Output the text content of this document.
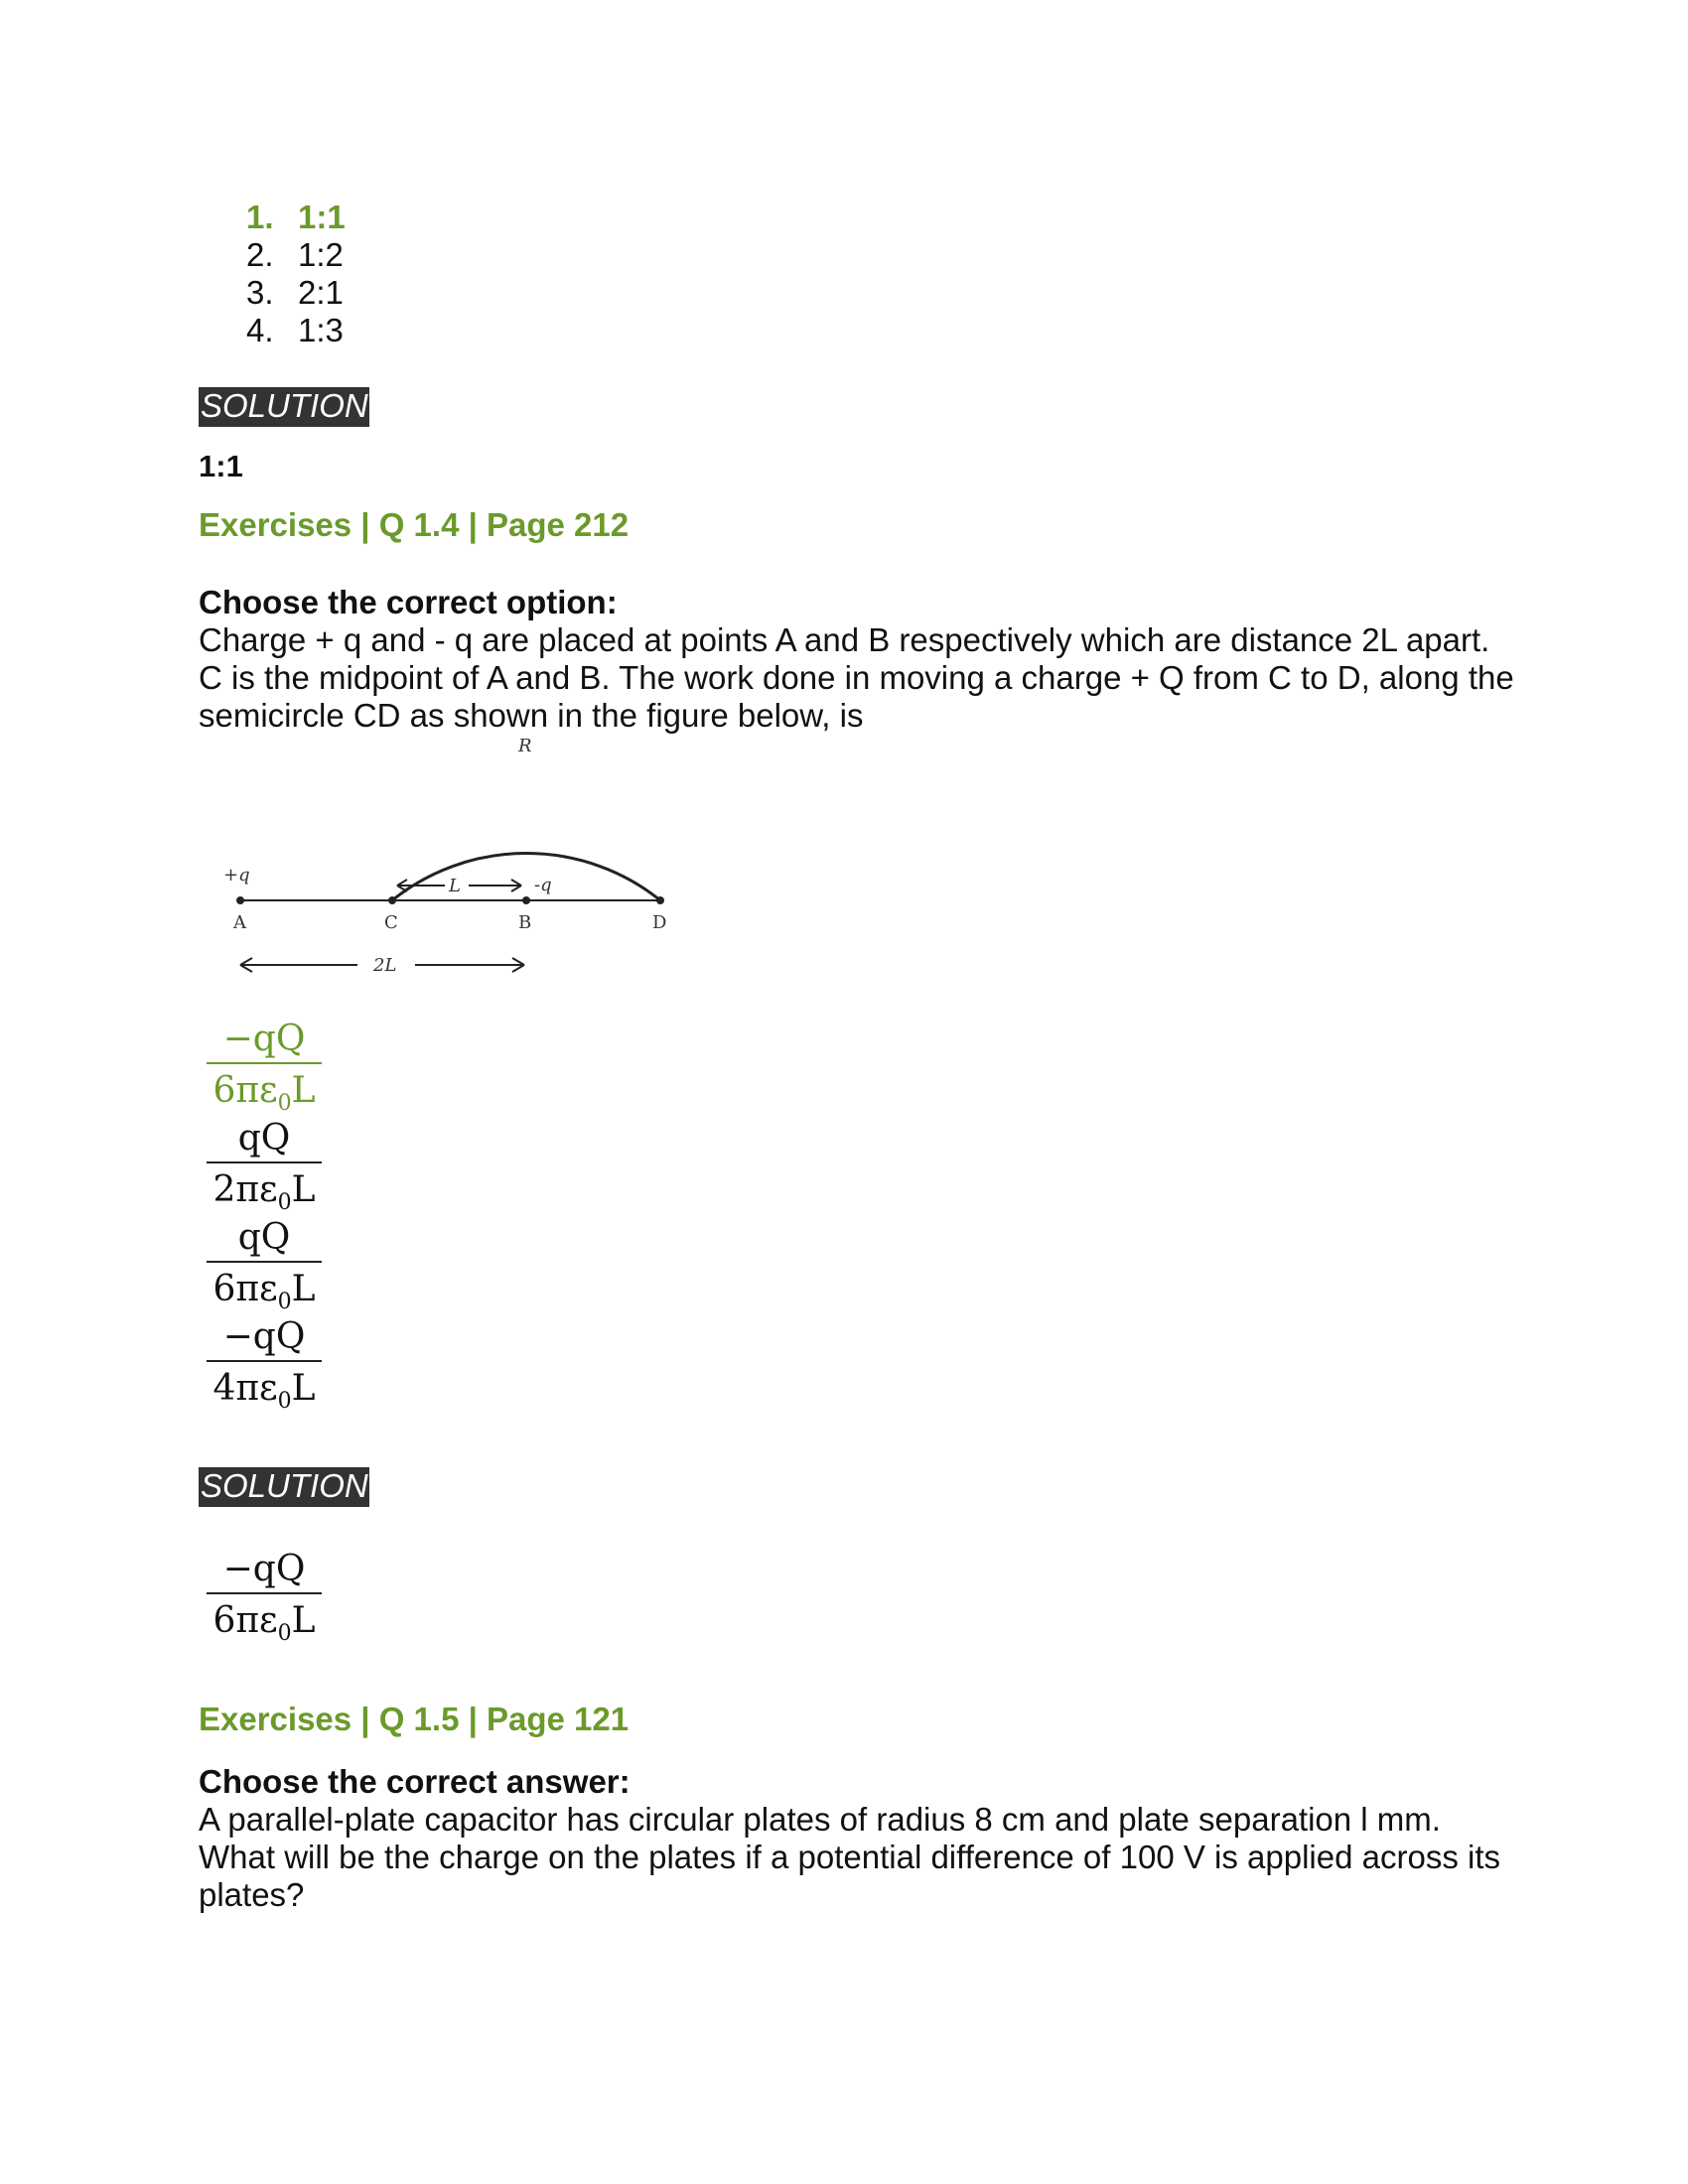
1. 1:1
2. 1:2
3. 2:1
4. 1:3
SOLUTION
1:1
Exercises | Q 1.4 | Page 212
Choose the correct option:
Charge + q and - q are placed at points A and B respectively which are distance 2L apart. C is the midpoint of A and B. The work done in moving a charge + Q from C to D, along the semicircle CD as shown in the figure below, is
R
+q	-q
L
A	C	B	D
2L
−qQ
$6\pi\varepsilon_0L$
qQ
$2\pi\varepsilon_0L$
qQ
$6\pi\varepsilon_0L$
−qQ
$4\pi\varepsilon_0L$
SOLUTION
−qQ
$6\pi\varepsilon_0L$
Exercises | Q 1.5 | Page 121
Choose the correct answer:
A parallel-plate capacitor has circular plates of radius 8 cm and plate separation l mm. What will be the charge on the plates if a potential difference of 100 V is applied across its plates?
